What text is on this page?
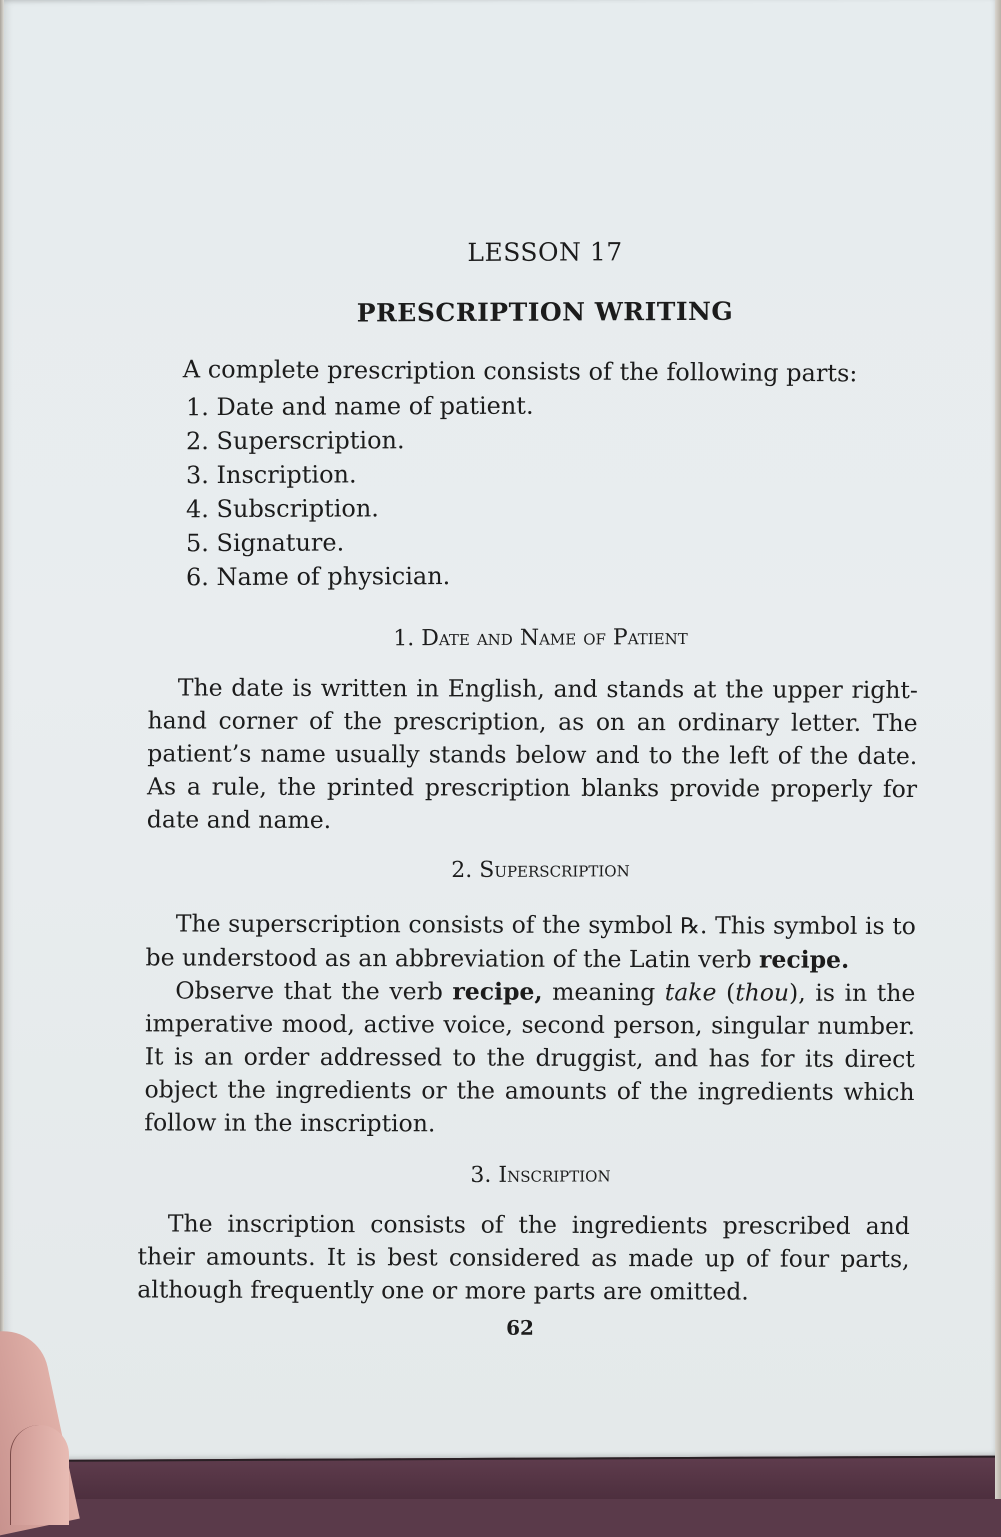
LESSON 17
PRESCRIPTION WRITING
A complete prescription consists of the following parts:
1. Date and name of patient.
2. Superscription.
3. Inscription.
4. Subscription.
5. Signature.
6. Name of physician.
1. Date and Name of Patient

The date is written in English, and stands at the upper right-hand corner of the prescription, as on an ordinary letter. The patient’s name usually stands below and to the left of the date. As a rule, the printed prescription blanks provide properly for date and name.

2. Superscription

The superscription consists of the symbol ℞. This symbol is to be understood as an abbreviation of the Latin verb recipe.

Observe that the verb recipe, meaning take (thou), is in the imperative mood, active voice, second person, singular number. It is an order addressed to the druggist, and has for its direct object the ingredients or the amounts of the ingredients which follow in the inscription.

3. Inscription

The inscription consists of the ingredients prescribed and their amounts. It is best considered as made up of four parts, although frequently one or more parts are omitted.

62
